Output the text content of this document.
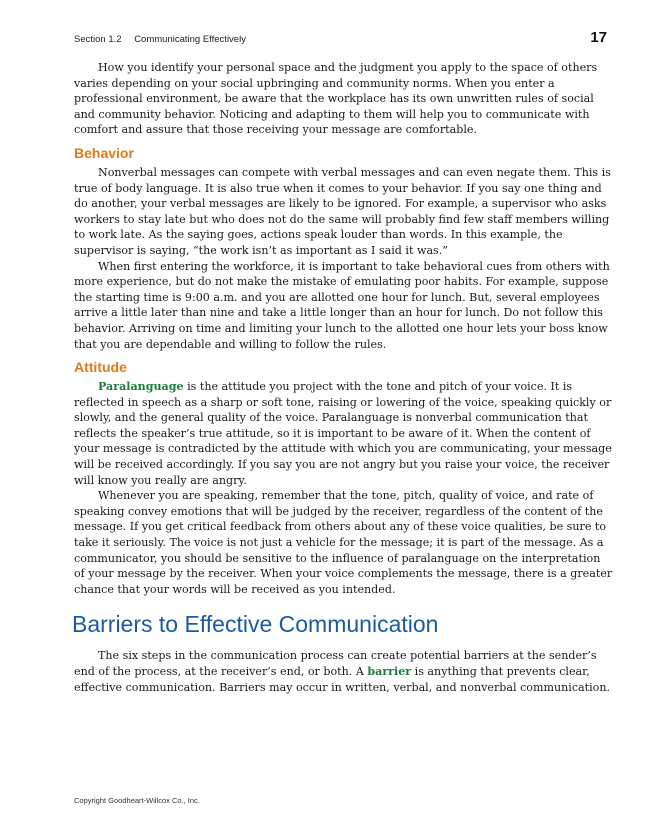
Section 1.2 Communicating Effectively	17

How you identify your personal space and the judgment you apply to the space of others varies depending on your social upbringing and community norms. When you enter a professional environment, be aware that the workplace has its own unwritten rules of social and community behavior. Noticing and adapting to them will help you to communicate with comfort and assure that those receiving your message are comfortable.

Behavior

Nonverbal messages can compete with verbal messages and can even negate them. This is true of body language. It is also true when it comes to your behavior. If you say one thing and do another, your verbal messages are likely to be ignored. For example, a supervisor who asks workers to stay late but who does not do the same will probably find few staff members willing to work late. As the saying goes, actions speak louder than words. In this example, the supervisor is saying, “the work isn’t as important as I said it was.”

When first entering the workforce, it is important to take behavioral cues from others with more experience, but do not make the mistake of emulating poor habits. For example, suppose the starting time is 9:00 a.m. and you are allotted one hour for lunch. But, several employees arrive a little later than nine and take a little longer than an hour for lunch. Do not follow this behavior. Arriving on time and limiting your lunch to the allotted one hour lets your boss know that you are dependable and willing to follow the rules.

Attitude

Paralanguage is the attitude you project with the tone and pitch of your voice. It is reflected in speech as a sharp or soft tone, raising or lowering of the voice, speaking quickly or slowly, and the general quality of the voice. Paralanguage is nonverbal communication that reflects the speaker’s true attitude, so it is important to be aware of it. When the content of your message is contradicted by the attitude with which you are communicating, your message will be received accordingly. If you say you are not angry but you raise your voice, the receiver will know you really are angry.

Whenever you are speaking, remember that the tone, pitch, quality of voice, and rate of speaking convey emotions that will be judged by the receiver, regardless of the content of the message. If you get critical feedback from others about any of these voice qualities, be sure to take it seriously. The voice is not just a vehicle for the message; it is part of the message. As a communicator, you should be sensitive to the influence of paralanguage on the interpretation of your message by the receiver. When your voice complements the message, there is a greater chance that your words will be received as you intended.

Barriers to Effective Communication

The six steps in the communication process can create potential barriers at the sender’s end of the process, at the receiver’s end, or both. A barrier is anything that prevents clear, effective communication. Barriers may occur in written, verbal, and nonverbal communication.

Copyright Goodheart-Willcox Co., Inc.
